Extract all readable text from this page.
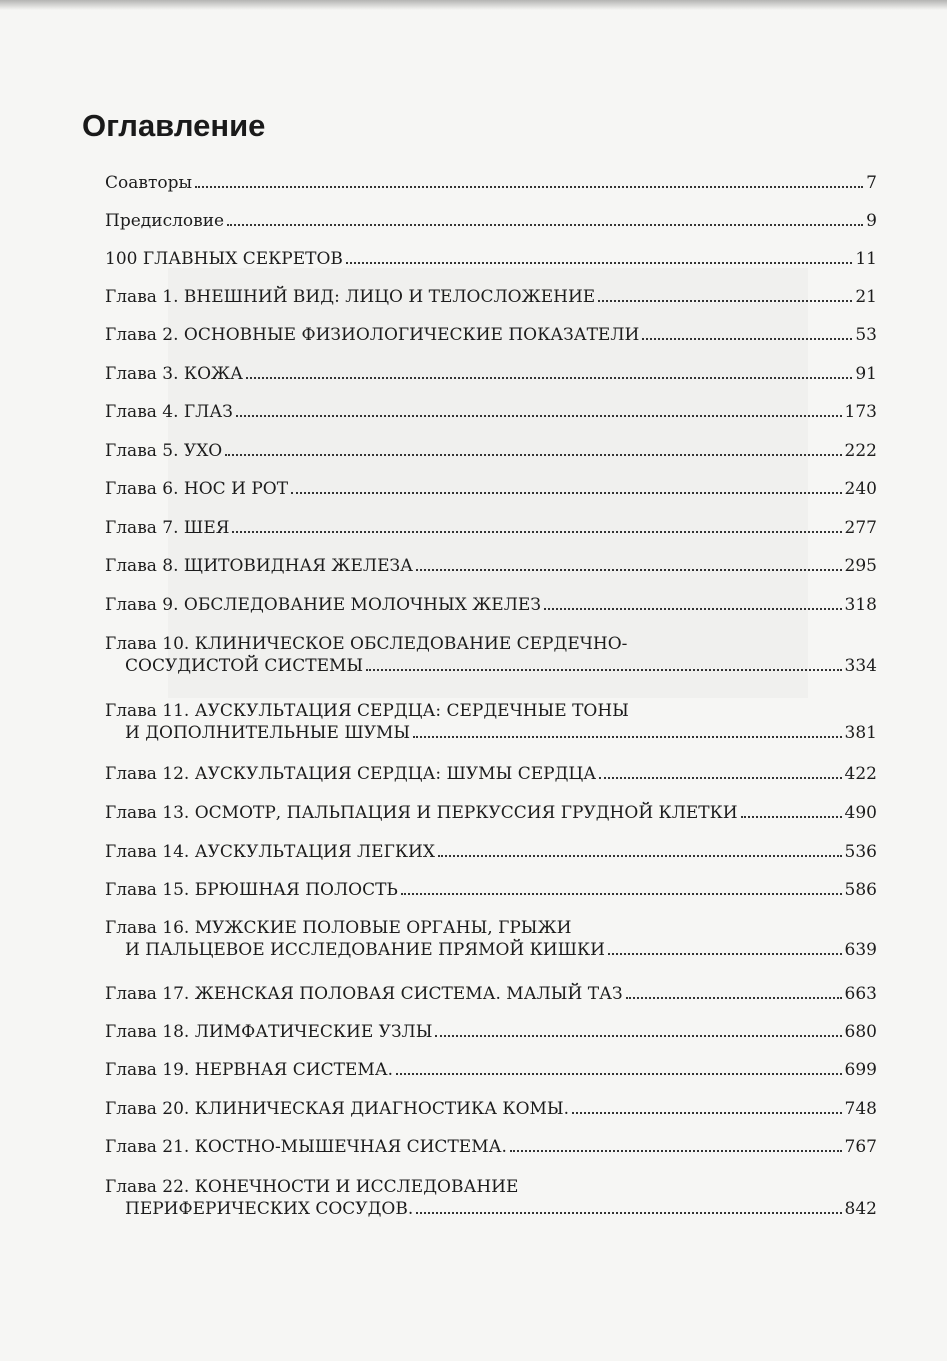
Оглавление
Соавторы	7
Предисловие	9
100 ГЛАВНЫХ СЕКРЕТОВ	11
Глава 1. ВНЕШНИЙ ВИД: ЛИЦО И ТЕЛОСЛОЖЕНИЕ	21
Глава 2. ОСНОВНЫЕ ФИЗИОЛОГИЧЕСКИЕ ПОКАЗАТЕЛИ	53
Глава 3. КОЖА	91
Глава 4. ГЛАЗ	173
Глава 5. УХО	222
Глава 6. НОС И РОТ	240
Глава 7. ШЕЯ	277
Глава 8. ЩИТОВИДНАЯ ЖЕЛЕЗА	295
Глава 9. ОБСЛЕДОВАНИЕ МОЛОЧНЫХ ЖЕЛЕЗ	318
Глава 10. КЛИНИЧЕСКОЕ ОБСЛЕДОВАНИЕ СЕРДЕЧНО-
СОСУДИСТОЙ СИСТЕМЫ	334
Глава 11. АУСКУЛЬТАЦИЯ СЕРДЦА: СЕРДЕЧНЫЕ ТОНЫ
И ДОПОЛНИТЕЛЬНЫЕ ШУМЫ	381
Глава 12. АУСКУЛЬТАЦИЯ СЕРДЦА: ШУМЫ СЕРДЦА	422
Глава 13. ОСМОТР, ПАЛЬПАЦИЯ И ПЕРКУССИЯ ГРУДНОЙ КЛЕТКИ	490
Глава 14. АУСКУЛЬТАЦИЯ ЛЕГКИХ	536
Глава 15. БРЮШНАЯ ПОЛОСТЬ	586
Глава 16. МУЖСКИЕ ПОЛОВЫЕ ОРГАНЫ, ГРЫЖИ
И ПАЛЬЦЕВОЕ ИССЛЕДОВАНИЕ ПРЯМОЙ КИШКИ	639
Глава 17. ЖЕНСКАЯ ПОЛОВАЯ СИСТЕМА. МАЛЫЙ ТАЗ	663
Глава 18. ЛИМФАТИЧЕСКИЕ УЗЛЫ	680
Глава 19. НЕРВНАЯ СИСТЕМА.	699
Глава 20. КЛИНИЧЕСКАЯ ДИАГНОСТИКА КОМЫ.	748
Глава 21. КОСТНО-МЫШЕЧНАЯ СИСТЕМА.	767
Глава 22. КОНЕЧНОСТИ И ИССЛЕДОВАНИЕ
ПЕРИФЕРИЧЕСКИХ СОСУДОВ.	842
